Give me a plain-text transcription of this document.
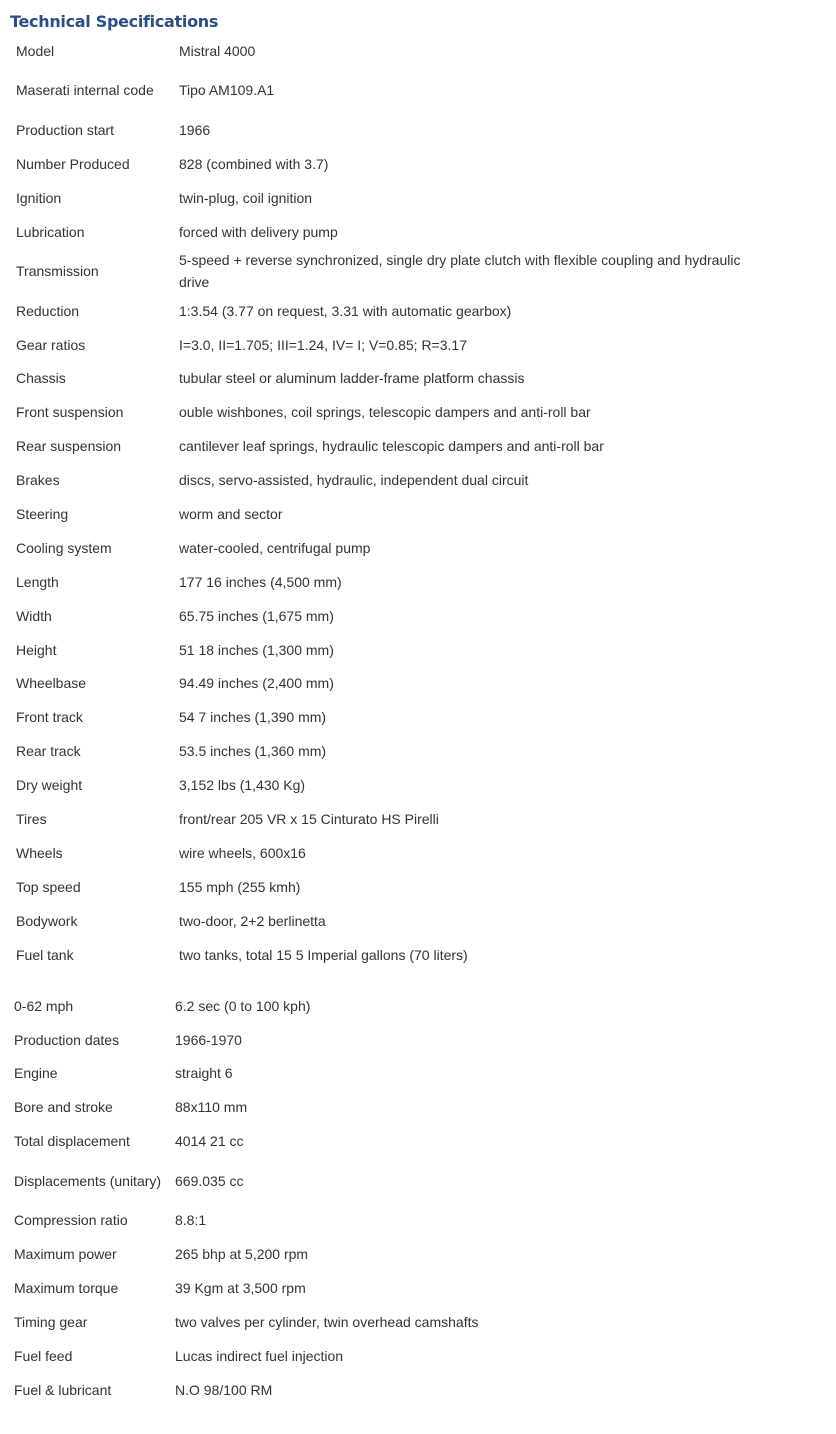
Technical Specifications
Model	Mistral 4000
Maserati internal code	Tipo AM109.A1
Production start	1966
Number Produced	828 (combined with 3.7)
Ignition	twin-plug, coil ignition
Lubrication	forced with delivery pump
Transmission	5-speed + reverse synchronized, single dry plate clutch with flexible coupling and hydraulic drive
Reduction	1:3.54 (3.77 on request, 3.31 with automatic gearbox)
Gear ratios	I=3.0, II=1.705; III=1.24, IV= I; V=0.85; R=3.17
Chassis	tubular steel or aluminum ladder-frame platform chassis
Front suspension	ouble wishbones, coil springs, telescopic dampers and anti-roll bar
Rear suspension	cantilever leaf springs, hydraulic telescopic dampers and anti-roll bar
Brakes	discs, servo-assisted, hydraulic, independent dual circuit
Steering	worm and sector
Cooling system	water-cooled, centrifugal pump
Length	177 16 inches (4,500 mm)
Width	65.75 inches (1,675 mm)
Height	51 18 inches (1,300 mm)
Wheelbase	94.49 inches (2,400 mm)
Front track	54 7 inches (1,390 mm)
Rear track	53.5 inches (1,360 mm)
Dry weight	3,152 lbs (1,430 Kg)
Tires	front/rear 205 VR x 15 Cinturato HS Pirelli
Wheels	wire wheels, 600x16
Top speed	155 mph (255 kmh)
Bodywork	two-door, 2+2 berlinetta
Fuel tank	two tanks, total 15 5 Imperial gallons (70 liters)
0-62 mph	6.2 sec (0 to 100 kph)
Production dates	1966-1970
Engine	straight 6
Bore and stroke	88x110 mm
Total displacement	4014 21 cc
Displacements (unitary)	669.035 cc
Compression ratio	8.8:1
Maximum power	265 bhp at 5,200 rpm
Maximum torque	39 Kgm at 3,500 rpm
Timing gear	two valves per cylinder, twin overhead camshafts
Fuel feed	Lucas indirect fuel injection
Fuel & lubricant	N.O 98/100 RM
